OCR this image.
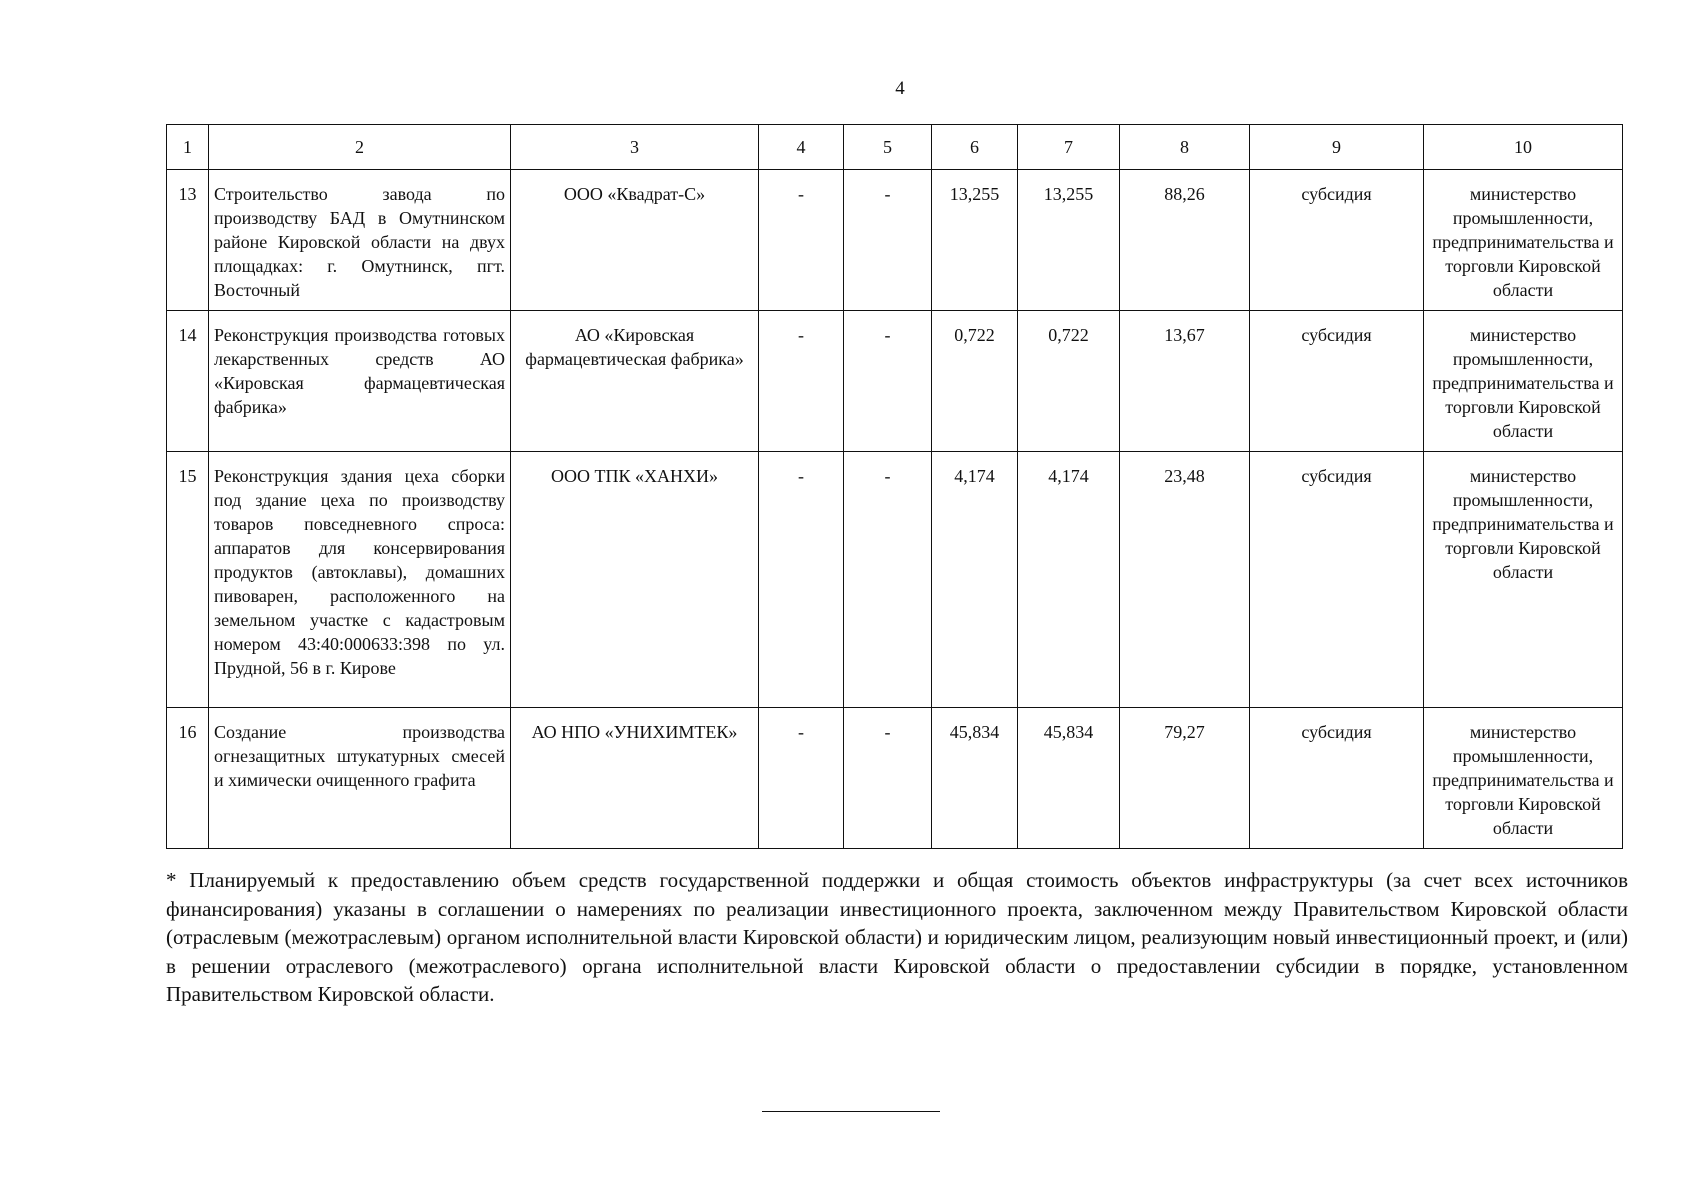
4
1	2	3	4	5	6	7	8	9	10
13	Строительство завода по производству БАД в Омутнинском районе Кировской области на двух площадках: г. Омутнинск, пгт. Восточный	ООО «Квадрат-С»	-	-	13,255	13,255	88,26	субсидия	министерство промышленности, предпринимательства и торговли Кировской области
14	Реконструкция производства готовых лекарственных средств АО «Кировская фармацевтическая фабрика»	АО «Кировская фармацевтическая фабрика»	-	-	0,722	0,722	13,67	субсидия	министерство промышленности, предпринимательства и торговли Кировской области
15	Реконструкция здания цеха сборки под здание цеха по производству товаров повседневного спроса: аппаратов для консервирования продуктов (автоклавы), домашних пивоварен, расположенного на земельном участке с кадастровым номером 43:40:000633:398 по ул. Прудной, 56 в г. Кирове	ООО ТПК «ХАНХИ»	-	-	4,174	4,174	23,48	субсидия	министерство промышленности, предпринимательства и торговли Кировской области
16	Создание производства огнезащитных штукатурных смесей и химически очищенного графита	АО НПО «УНИХИМТЕК»	-	-	45,834	45,834	79,27	субсидия	министерство промышленности, предпринимательства и торговли Кировской области
* Планируемый к предоставлению объем средств государственной поддержки и общая стоимость объектов инфраструктуры (за счет всех источников финансирования) указаны в соглашении о намерениях по реализации инвестиционного проекта, заключенном между Правительством Кировской области (отраслевым (межотраслевым) органом исполнительной власти Кировской области) и юридическим лицом, реализующим новый инвестиционный проект, и (или) в решении отраслевого (межотраслевого) органа исполнительной власти Кировской области о предоставлении субсидии в порядке, установленном Правительством Кировской области.
